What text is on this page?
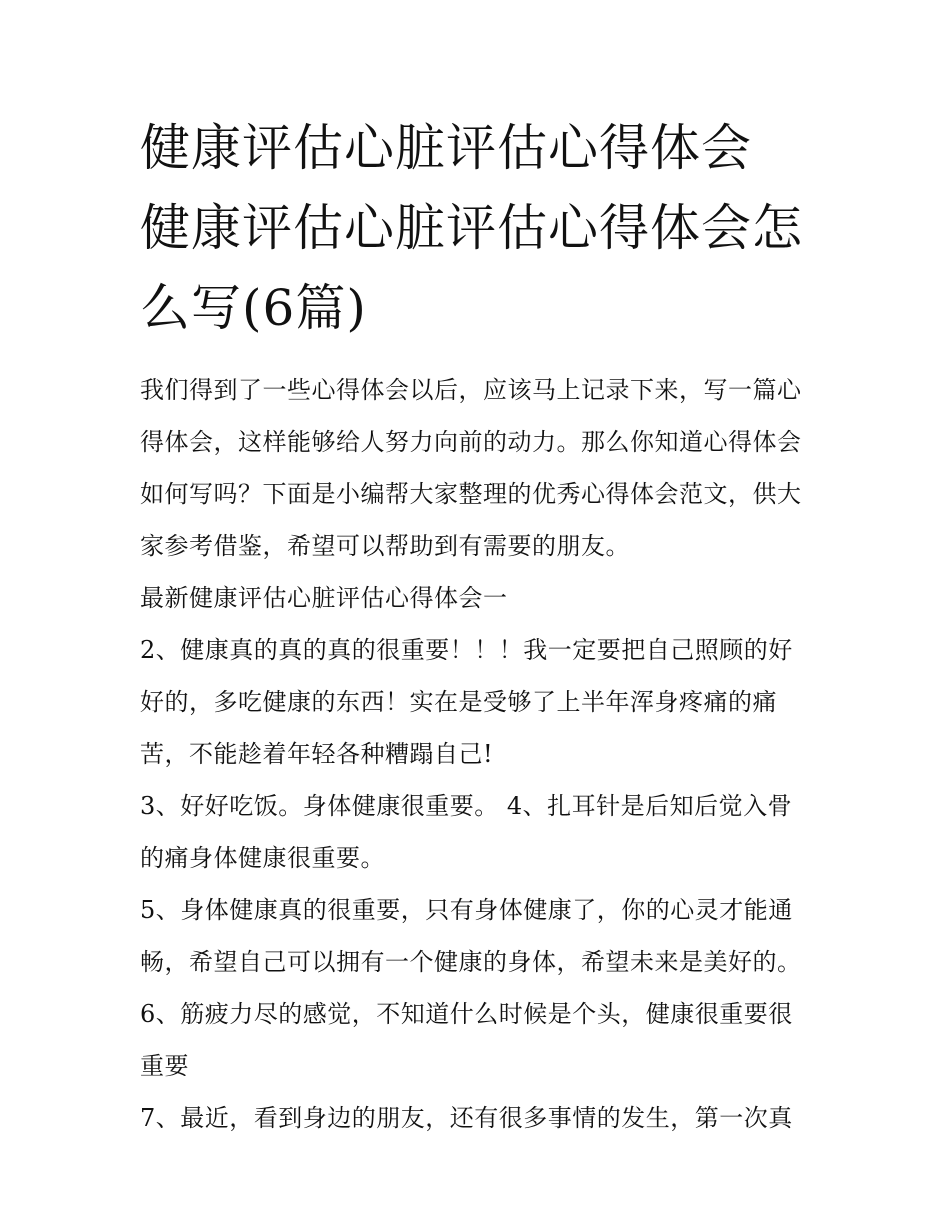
健康评估心脏评估心得体会 健康评估心脏评估心得体会怎么写(6篇)
我们得到了一些心得体会以后，应该马上记录下来，写一篇心
得体会，这样能够给人努力向前的动力。那么你知道心得体会
如何写吗？下面是小编帮大家整理的优秀心得体会范文，供大
家参考借鉴，希望可以帮助到有需要的朋友。
最新健康评估心脏评估心得体会一
2、健康真的真的真的很重要！！！我一定要把自己照顾的好
好的，多吃健康的东西！实在是受够了上半年浑身疼痛的痛
苦，不能趁着年轻各种糟蹋自己!
3、好好吃饭。身体健康很重要。 4、扎耳针是后知后觉入骨
的痛身体健康很重要。
5、身体健康真的很重要，只有身体健康了，你的心灵才能通
畅，希望自己可以拥有一个健康的身体，希望未来是美好的。
6、筋疲力尽的感觉，不知道什么时候是个头，健康很重要很
重要
7、最近，看到身边的朋友，还有很多事情的发生，第一次真
